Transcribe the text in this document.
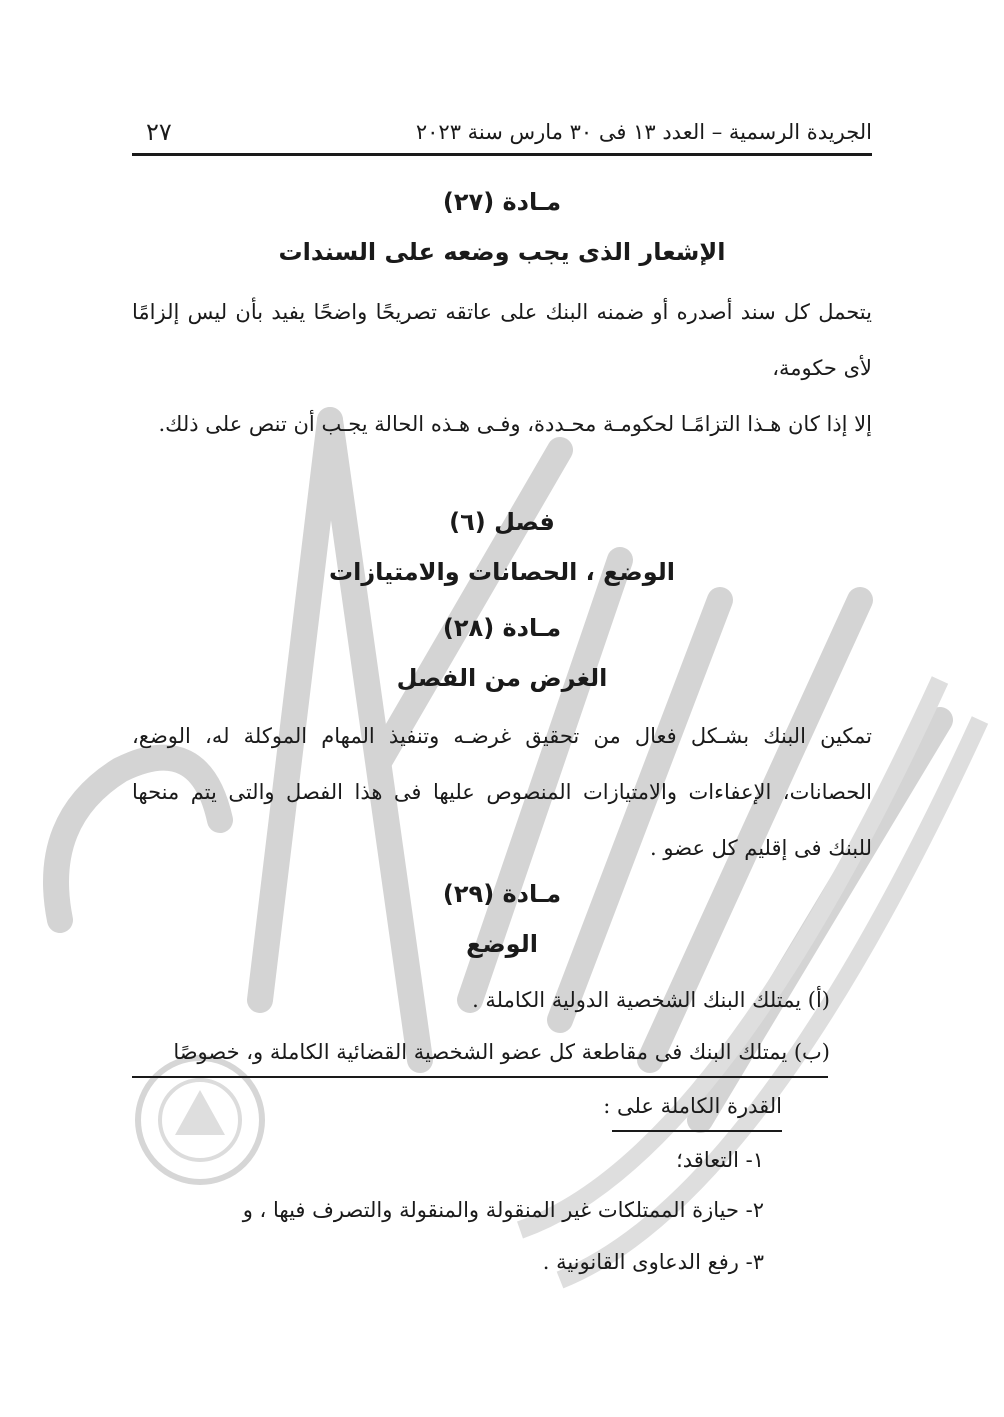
٢٧	الجريدة الرسمية – العدد ١٣ فى ٣٠ مارس سنة ٢٠٢٣
مـادة (٢٧)
الإشعار الذى يجب وضعه على السندات
يتحمل كل سند أصدره أو ضمنه البنك على عاتقه تصريحًا واضحًا يفيد بأن ليس إلزامًا لأى حكومة،
إلا إذا كان هـذا التزامًـا لحكومـة محـددة، وفـى هـذه الحالة يجـب أن تنص على ذلك.
فصل (٦)
الوضع ، الحصانات والامتيازات
مـادة (٢٨)
الغرض من الفصل
تمكين البنك بشـكل فعال من تحقيق غرضـه وتنفيذ المهام الموكلة له، الوضع، الحصانات، الإعفاءات والامتيازات المنصوص عليها فى هذا الفصل والتى يتم منحها للبنك فى إقليم كل عضو .
مـادة (٢٩)
الوضع
(أ) يمتلك البنك الشخصية الدولية الكاملة .
(ب) يمتلك البنك فى مقاطعة كل عضو الشخصية القضائية الكاملة و، خصوصًا
القدرة الكاملة على :
١- التعاقد؛
٢- حيازة الممتلكات غير المنقولة والمنقولة والتصرف فيها ، و
٣- رفع الدعاوى القانونية .
